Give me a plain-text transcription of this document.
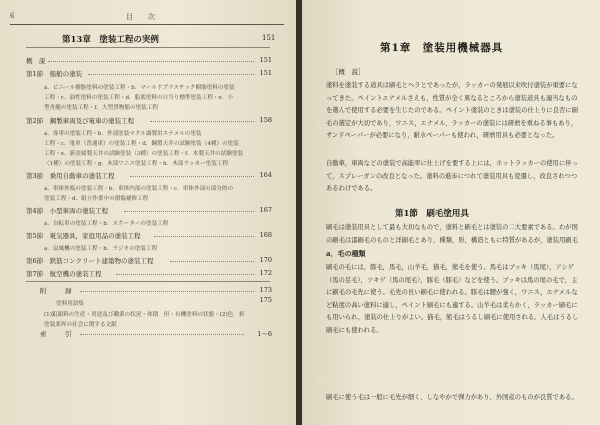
6	目　次
第13章　塗装工程の実例	151
概　説	151
第1節　船舶の塗装	151
a．ビニール樹脂塗料の塗装工程・b．マールドプラスチック樹脂塗料の塗装
工程・c．油性塗料の塗装工程・d．船底塗料の日当り標準塗装工程・e．小
型舟艇の塗装工程・f．大型貨物船の塗装工程
第2節　鋼製車両及び電車の塗装工程	158
a．客車の塗装工程・b．外部塗装マクル調製用エナメルの塗装
工程・c．電車（普通車）の塗装工程・d．鋼製天井の試験塗装（4種）の塗装
工程・e．新金属製天井の試験塗装（3種）の塗装工程・f．木製天井の試験塗装
（1種）の塗装工程・g．木部ワニス塗装工程・h．木部ラッカー塗装工程
第3節　乗用自動車の塗装工程	164
a．車体外板の塗装工程・b．車体内部の塗装工程・c．車体外部の部分的の
塗装工程・d．組立作業中の損傷補修工程
第4節　小型車両の塗装工程	167
a．自転車の塗装工程・b．スクーターの塗装工程
第5節　電気器具，家庭用品の塗装工程	168
a．扇風機の塗装工程・b．ラジオの塗装工程
第6節　鉄筋コンクリート建築物の塗装工程	170
第7節　航空機の塗装工程	172
附　録	173
塗料用語集	175
(1)鉛顔料の生産・用途及び職業の状況・体積　但・有機塗料の状態・(2)色　彩
塗装業界の社会に関する文献
索　引	1～6
第1章　塗装用機械器具
［概　説］
塗料を塗装する道具は刷毛とヘラとであったが，ラッカーの発展以来吹付塗装が重要になってきた。ペイントエナメルさえも，性質が全く異なるところから塗装道具も適当なものを選んで使用する必要を生じたのである。ペイント塗装のときは塗装の仕上りに良否に刷毛の選定が大切であり，ワニス，エナメル，ラッカーの塗装には研磨を重ねる事もあり，サンドペーパーが必要になり，耐水ペーパーも使われ，研磨用具も必要となった。
自動車，車両などの塗装で高能率に仕上げを要する上には，ホットラッカーの使用に伴って，スプレーガンの改良となった。塗料の進歩につれて塗装用具も変遷し，改良されつつあるわけである。
第1節　刷毛塗用具
刷毛は塗装用具として最も大切なもので，塗料と刷毛とは塗装の二大要素である。わが国の刷毛は漆刷毛のものと洋刷毛とあり，種類，形，構造ともに特質があるが，塗装用刷毛
a．毛の種類
刷毛の毛には，豚毛，馬毛，山羊毛，猫毛，熊毛を使う。馬毛はブッキ（馬尾），アシゲ（馬の足毛），ツキゲ（馬の尾毛），豚毛（豚毛）などを使う。ブッキは馬の尾の毛で，主に刷毛の毛先に使う。毛先の長い刷毛に使われる。豚毛は腰が強く，ワニス，エナメルなど粘度の高い塗料に適し，ペイント刷毛にも適する。山羊毛は柔らかく，ラッカー刷毛にも用いられ，塗装の仕上りがよい。猫毛，熊毛はうるし刷毛に使用される。人毛はうるし刷毛にも使われる。
刷毛に使う毛は一般に毛先が細く，しなやかで弾力があり，外国産のものが良質である。
